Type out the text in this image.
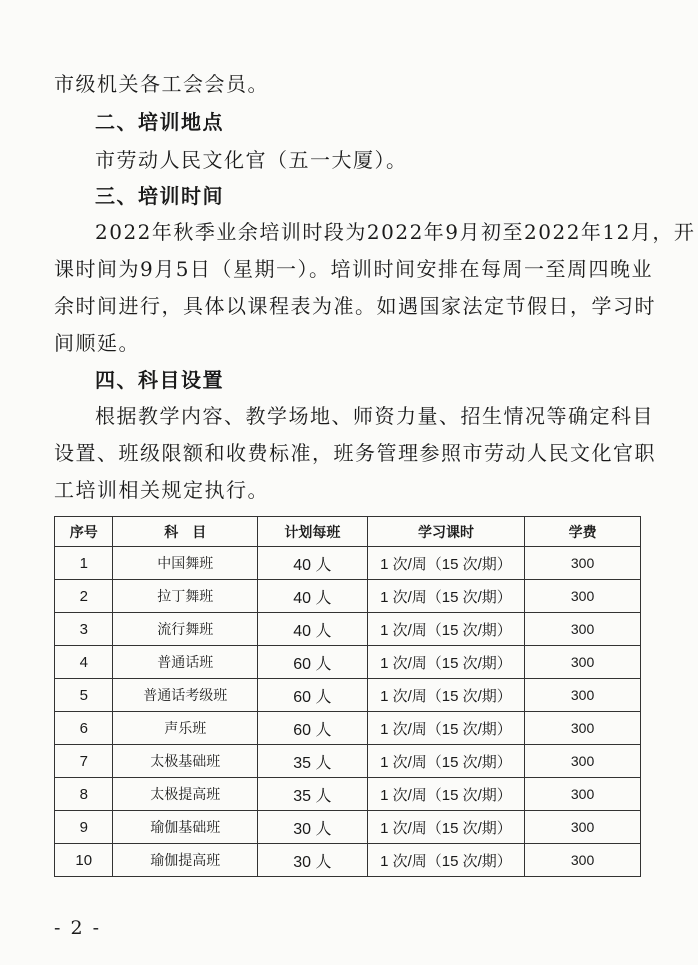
市级机关各工会会员。
二、培训地点
市劳动人民文化官（五一大厦）。
三、培训时间
2022年秋季业余培训时段为2022年9月初至2022年12月，开
课时间为9月5日（星期一）。培训时间安排在每周一至周四晚业
余时间进行，具体以课程表为准。如遇国家法定节假日，学习时
间顺延。
四、科目设置
根据教学内容、教学场地、师资力量、招生情况等确定科目
设置、班级限额和收费标准，班务管理参照市劳动人民文化官职
工培训相关规定执行。
序号	科　目	计划每班	学习课时	学费
1	中国舞班	40 人	1 次/周（15 次/期）	300
2	拉丁舞班	40 人	1 次/周（15 次/期）	300
3	流行舞班	40 人	1 次/周（15 次/期）	300
4	普通话班	60 人	1 次/周（15 次/期）	300
5	普通话考级班	60 人	1 次/周（15 次/期）	300
6	声乐班	60 人	1 次/周（15 次/期）	300
7	太极基础班	35 人	1 次/周（15 次/期）	300
8	太极提高班	35 人	1 次/周（15 次/期）	300
9	瑜伽基础班	30 人	1 次/周（15 次/期）	300
10	瑜伽提高班	30 人	1 次/周（15 次/期）	300
- 2 -
